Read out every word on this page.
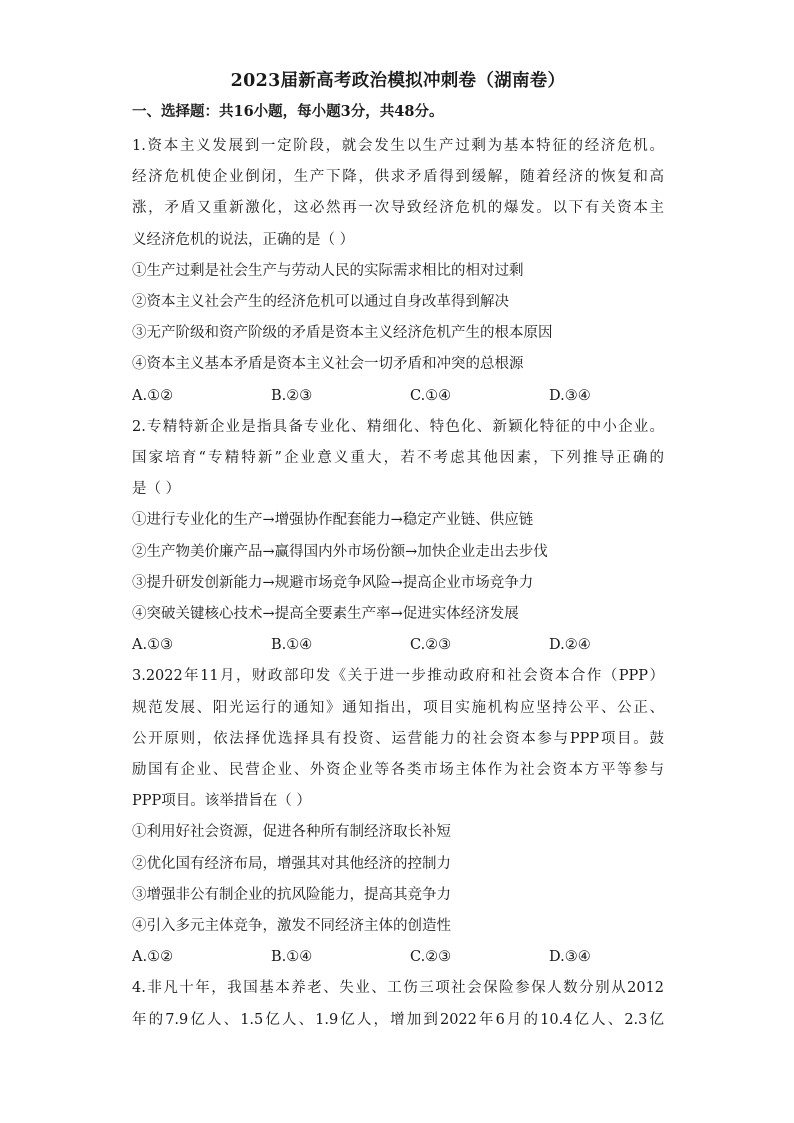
2023届新高考政治模拟冲刺卷（湖南卷）
一、选择题：共16小题，每小题3分，共48分。
1.资本主义发展到一定阶段，就会发生以生产过剩为基本特征的经济危机。
经济危机使企业倒闭，生产下降，供求矛盾得到缓解，随着经济的恢复和高
涨，矛盾又重新激化，这必然再一次导致经济危机的爆发。以下有关资本主
义经济危机的说法，正确的是（ ）
①生产过剩是社会生产与劳动人民的实际需求相比的相对过剩
②资本主义社会产生的经济危机可以通过自身改革得到解决
③无产阶级和资产阶级的矛盾是资本主义经济危机产生的根本原因
④资本主义基本矛盾是资本主义社会一切矛盾和冲突的总根源
A.①②	B.②③	C.①④	D.③④
2.专精特新企业是指具备专业化、精细化、特色化、新颖化特征的中小企业。
国家培育“专精特新”企业意义重大，若不考虑其他因素，下列推导正确的
是（ ）
①进行专业化的生产→增强协作配套能力→稳定产业链、供应链
②生产物美价廉产品→赢得国内外市场份额→加快企业走出去步伐
③提升研发创新能力→规避市场竞争风险→提高企业市场竞争力
④突破关键核心技术→提高全要素生产率→促进实体经济发展
A.①③	B.①④	C.②③	D.②④
3.2022年11月，财政部印发《关于进一步推动政府和社会资本合作（PPP）
规范发展、阳光运行的通知》通知指出，项目实施机构应坚持公平、公正、
公开原则，依法择优选择具有投资、运营能力的社会资本参与PPP项目。鼓
励国有企业、民营企业、外资企业等各类市场主体作为社会资本方平等参与
PPP项目。该举措旨在（ ）
①利用好社会资源，促进各种所有制经济取长补短
②优化国有经济布局，增强其对其他经济的控制力
③增强非公有制企业的抗风险能力，提高其竞争力
④引入多元主体竞争，激发不同经济主体的创造性
A.①②	B.①④	C.②③	D.③④
4.非凡十年，我国基本养老、失业、工伤三项社会保险参保人数分别从2012
年的7.9亿人、1.5亿人、1.9亿人，增加到2022年6月的10.4亿人、2.3亿
